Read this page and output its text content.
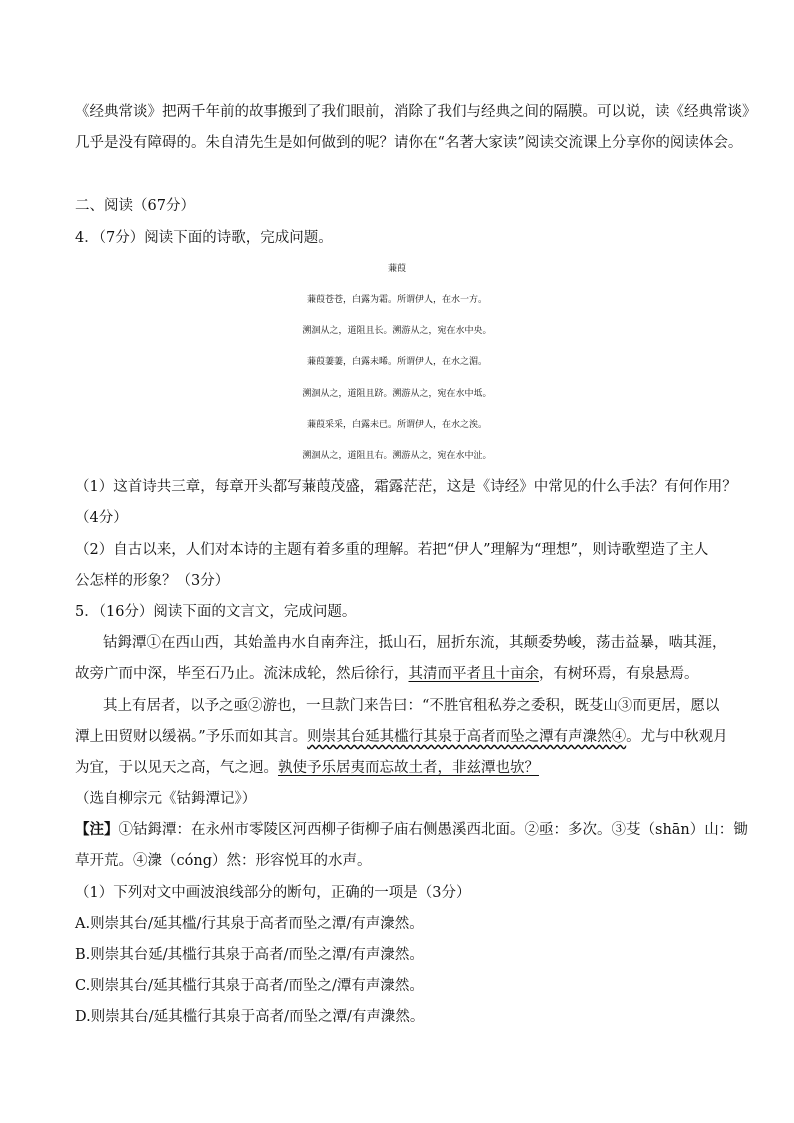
《经典常谈》把两千年前的故事搬到了我们眼前，消除了我们与经典之间的隔膜。可以说，读《经典常谈》
几乎是没有障碍的。朱自清先生是如何做到的呢？请你在“名著大家读”阅读交流课上分享你的阅读体会。
二、阅读（67分）
4．（7分）阅读下面的诗歌，完成问题。
蒹葭
蒹葭苍苍，白露为霜。所谓伊人，在水一方。
溯洄从之，道阻且长。溯游从之，宛在水中央。
蒹葭萋萋，白露未晞。所谓伊人，在水之湄。
溯洄从之，道阻且跻。溯游从之，宛在水中坻。
蒹葭采采，白露未已。所谓伊人，在水之涘。
溯洄从之，道阻且右。溯游从之，宛在水中沚。
（1）这首诗共三章，每章开头都写蒹葭茂盛，霜露茫茫，这是《诗经》中常见的什么手法？有何作用？
（4分）
（2）自古以来，人们对本诗的主题有着多重的理解。若把“伊人”理解为“理想”，则诗歌塑造了主人
公怎样的形象？（3分）
5．（16分）阅读下面的文言文，完成问题。
钴鉧潭①在西山西，其始盖冉水自南奔注，抵山石，屈折东流，其颠委势峻，荡击益暴，啮其涯，
故旁广而中深，毕至石乃止。流沫成轮，然后徐行，其清而平者且十亩余，有树环焉，有泉悬焉。
其上有居者，以予之亟②游也，一旦款门来告曰：“不胜官租私券之委积，既芟山③而更居，愿以
潭上田贸财以缓祸。”予乐而如其言。则崇其台延其槛行其泉于高者而坠之潭有声潨然④。尤与中秋观月
为宜，于以见天之高，气之迥。孰使予乐居夷而忘故土者，非兹潭也欤？
（选自柳宗元《钴鉧潭记》）
【注】①钴鉧潭：在永州市零陵区河西柳子街柳子庙右侧愚溪西北面。②亟：多次。③芟（shān）山：锄
草开荒。④潨（cóng）然：形容悦耳的水声。
（1）下列对文中画波浪线部分的断句，正确的一项是（3分）
A.则崇其台/延其槛/行其泉于高者而坠之潭/有声潨然。
B.则崇其台延/其槛行其泉于高者/而坠之潭/有声潨然。
C.则崇其台/延其槛行其泉于高者/而坠之/潭有声潨然。
D.则崇其台/延其槛行其泉于高者/而坠之潭/有声潨然。
